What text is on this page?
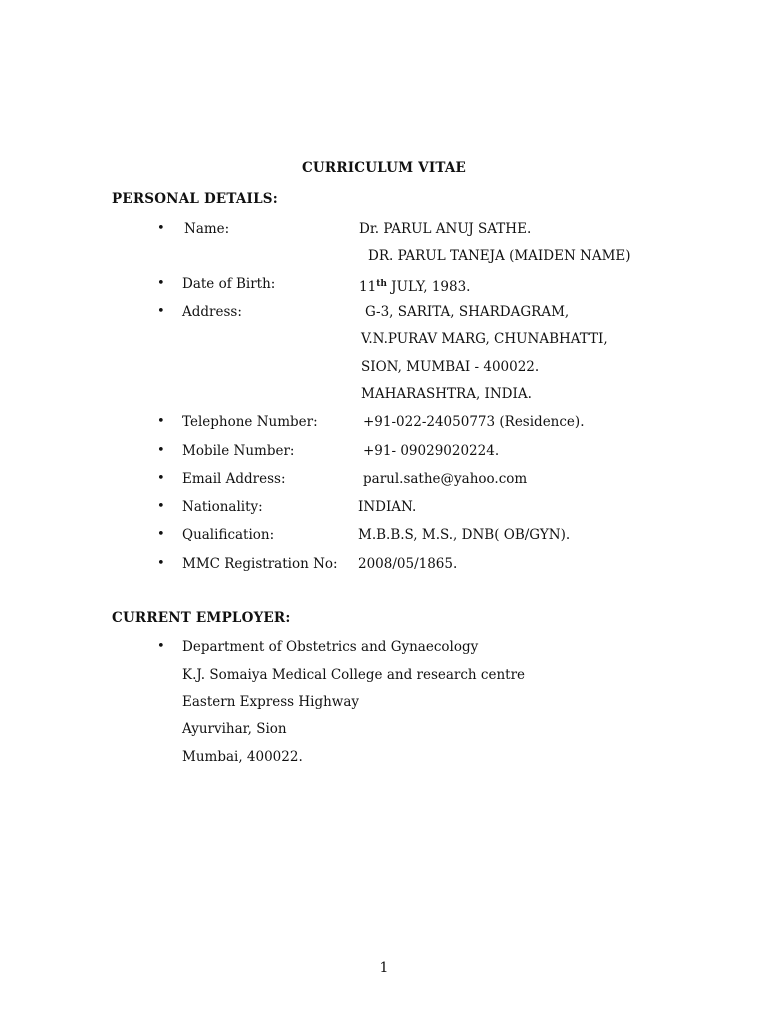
CURRICULUM VITAE
PERSONAL DETAILS:
• Name:	Dr. PARUL ANUJ SATHE.
DR. PARUL TANEJA (MAIDEN NAME)
• Date of Birth:	11th JULY, 1983.
• Address:	G-3, SARITA, SHARDAGRAM,
V.N.PURAV MARG, CHUNABHATTI,
SION, MUMBAI - 400022.
MAHARASHTRA, INDIA.
• Telephone Number:	+91-022-24050773 (Residence).
• Mobile Number:	+91- 09029020224.
• Email Address:	parul.sathe@yahoo.com
• Nationality:	INDIAN.
• Qualification:	M.B.B.S, M.S., DNB( OB/GYN).
• MMC Registration No: 2008/05/1865.
CURRENT EMPLOYER:
• Department of Obstetrics and Gynaecology
K.J. Somaiya Medical College and research centre
Eastern Express Highway
Ayurvihar, Sion
Mumbai, 400022.
1
